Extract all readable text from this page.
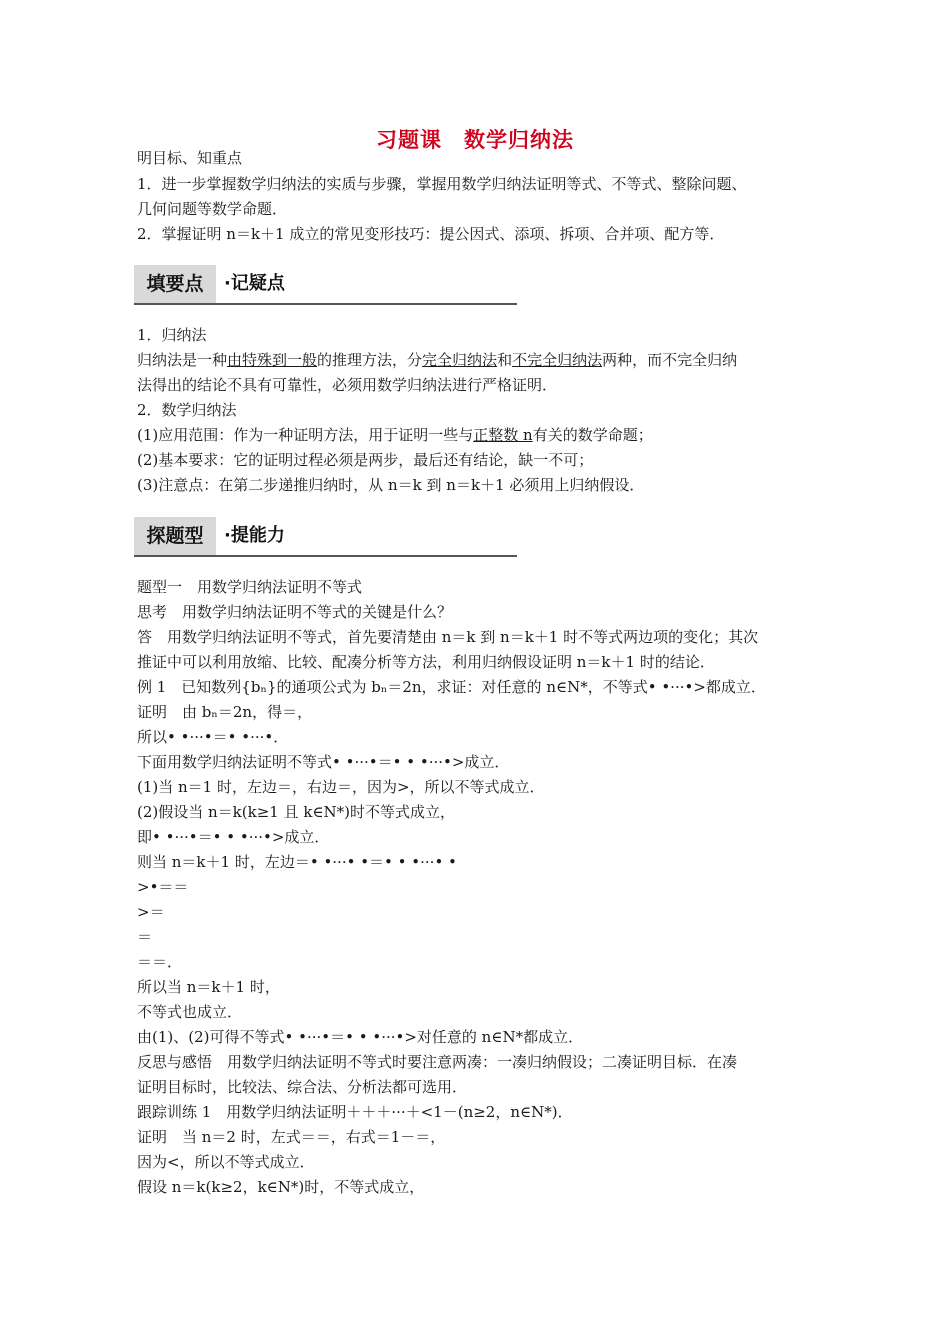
习题课 数学归纳法
明目标、知重点
1．进一步掌握数学归纳法的实质与步骤，掌握用数学归纳法证明等式、不等式、整除问题、
几何问题等数学命题．
2．掌握证明 n＝k＋1 成立的常见变形技巧：提公因式、添项、拆项、合并项、配方等．
填要点	·记疑点
1．归纳法
归纳法是一种由特殊到一般的推理方法，分完全归纳法和不完全归纳法两种，而不完全归纳
法得出的结论不具有可靠性，必须用数学归纳法进行严格证明．
2．数学归纳法
(1)应用范围：作为一种证明方法，用于证明一些与正整数 n有关的数学命题；
(2)基本要求：它的证明过程必须是两步，最后还有结论，缺一不可；
(3)注意点：在第二步递推归纳时，从 n＝k 到 n＝k＋1 必须用上归纳假设．
探题型	·提能力
题型一　用数学归纳法证明不等式
思考　用数学归纳法证明不等式的关键是什么？
答　用数学归纳法证明不等式，首先要清楚由 n＝k 到 n＝k＋1 时不等式两边项的变化；其次
推证中可以利用放缩、比较、配凑分析等方法，利用归纳假设证明 n＝k＋1 时的结论．
例 1　已知数列{bₙ}的通项公式为 bₙ＝2n，求证：对任意的 n∈N*，不等式• •···•>都成立．
证明　由 bₙ＝2n，得＝，
所以• •···•＝• •···•．
下面用数学归纳法证明不等式• •···•＝• • •···•>成立．
(1)当 n＝1 时，左边＝，右边＝，因为>，所以不等式成立．
(2)假设当 n＝k(k≥1 且 k∈N*)时不等式成立，
即• •···•＝• • •···•>成立．
则当 n＝k＋1 时，左边＝• •···• •＝• • •···• •
>•＝＝
>＝
＝
＝＝．
所以当 n＝k＋1 时，
不等式也成立．
由(1)、(2)可得不等式• •···•＝• • •···•>对任意的 n∈N*都成立．
反思与感悟　用数学归纳法证明不等式时要注意两凑：一凑归纳假设；二凑证明目标．在凑
证明目标时，比较法、综合法、分析法都可选用．
跟踪训练 1　用数学归纳法证明＋＋＋···＋<1－(n≥2，n∈N*)．
证明　当 n＝2 时，左式＝＝，右式＝1－＝，
因为<，所以不等式成立．
假设 n＝k(k≥2，k∈N*)时，不等式成立，
